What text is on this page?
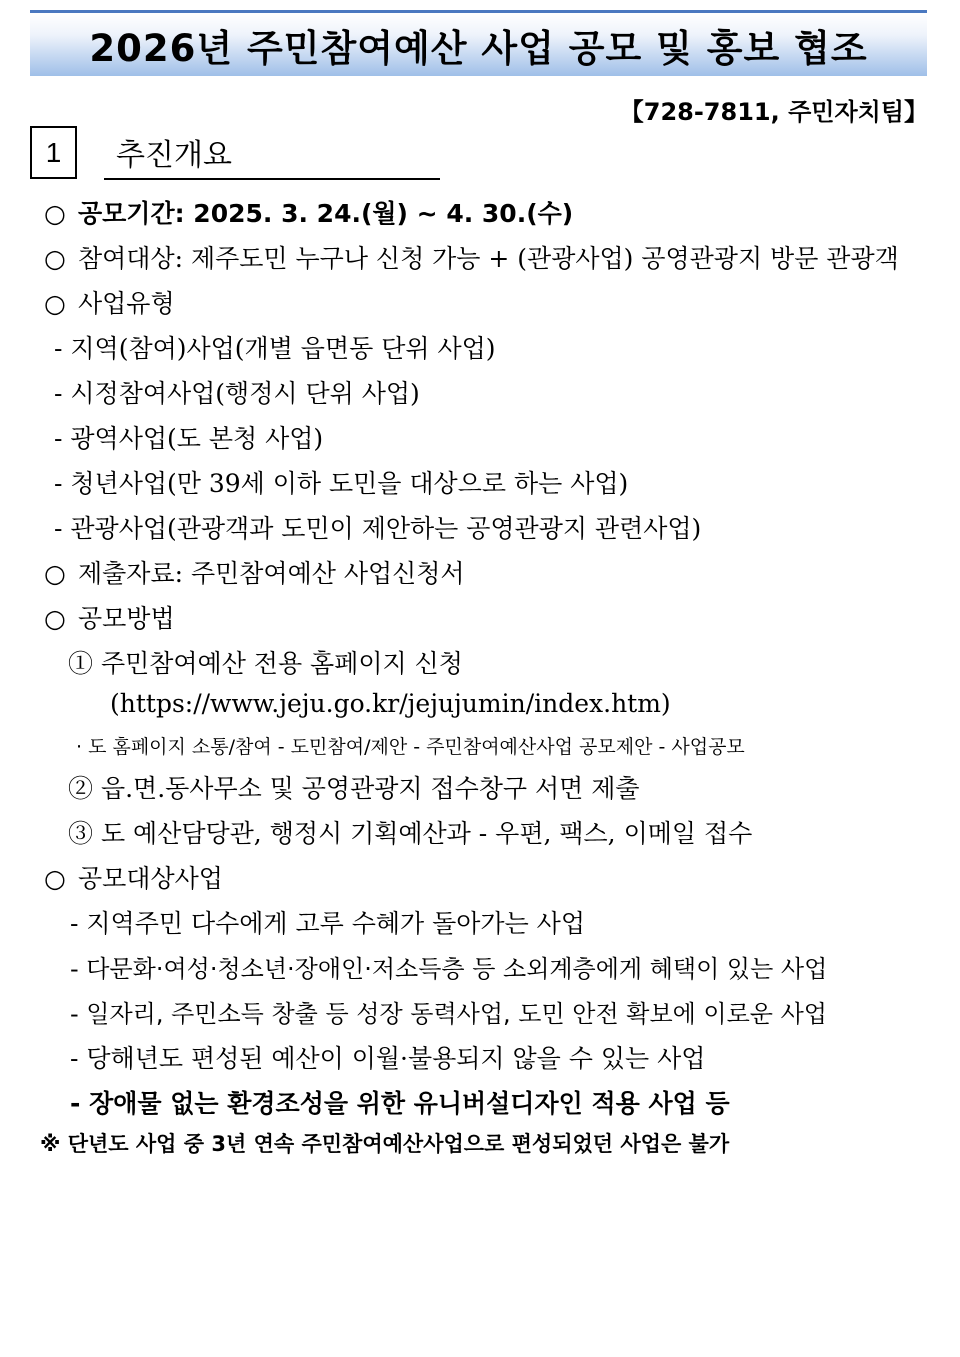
2026년 주민참여예산 사업 공모 및 홍보 협조
【728-7811, 주민자치팀】
1	추진개요
○ 공모기간: 2025. 3. 24.(월) ~ 4. 30.(수)
○ 참여대상: 제주도민 누구나 신청 가능 + (관광사업) 공영관광지 방문 관광객
○ 사업유형
- 지역(참여)사업(개별 읍면동 단위 사업)
- 시정참여사업(행정시 단위 사업)
- 광역사업(도 본청 사업)
- 청년사업(만 39세 이하 도민을 대상으로 하는 사업)
- 관광사업(관광객과 도민이 제안하는 공영관광지 관련사업)
○ 제출자료: 주민참여예산 사업신청서
○ 공모방법
① 주민참여예산 전용 홈페이지 신청
(https://www.jeju.go.kr/jejujumin/index.htm)
· 도 홈페이지 소통/참여 - 도민참여/제안 - 주민참여예산사업 공모제안 - 사업공모
② 읍.면.동사무소 및 공영관광지 접수창구 서면 제출
③ 도 예산담당관, 행정시 기획예산과 - 우편, 팩스, 이메일 접수
○ 공모대상사업
- 지역주민 다수에게 고루 수혜가 돌아가는 사업
- 다문화·여성·청소년·장애인·저소득층 등 소외계층에게 혜택이 있는 사업
- 일자리, 주민소득 창출 등 성장 동력사업, 도민 안전 확보에 이로운 사업
- 당해년도 편성된 예산이 이월·불용되지 않을 수 있는 사업
- 장애물 없는 환경조성을 위한 유니버설디자인 적용 사업 등
※ 단년도 사업 중 3년 연속 주민참여예산사업으로 편성되었던 사업은 불가
